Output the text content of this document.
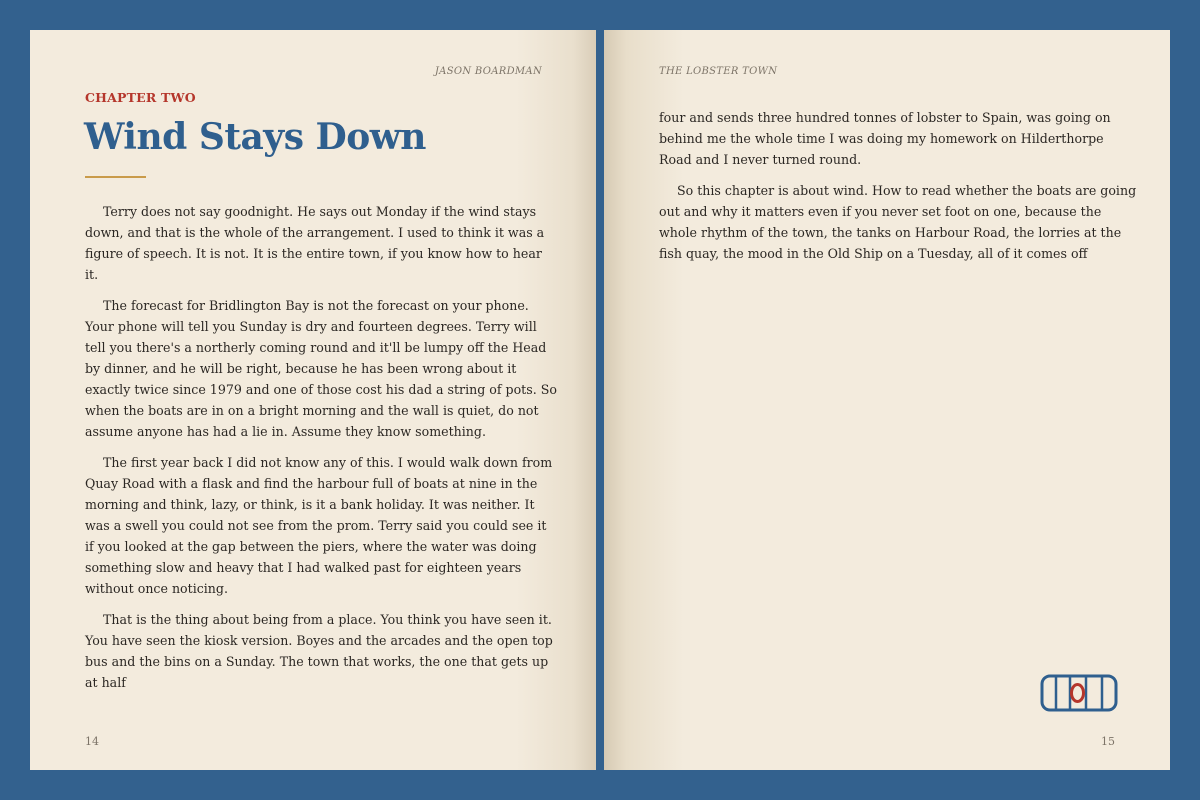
JASON BOARDMAN
CHAPTER TWO
Wind Stays Down

Terry does not say goodnight. He says out Monday if the wind stays down, and that is the whole of the arrangement. I used to think it was a figure of speech. It is not. It is the entire town, if you know how to hear it.

The forecast for Bridlington Bay is not the forecast on your phone. Your phone will tell you Sunday is dry and fourteen degrees. Terry will tell you there's a northerly coming round and it'll be lumpy off the Head by dinner, and he will be right, because he has been wrong about it exactly twice since 1979 and one of those cost his dad a string of pots. So when the boats are in on a bright morning and the wall is quiet, do not assume anyone has had a lie in. Assume they know something.

The first year back I did not know any of this. I would walk down from Quay Road with a flask and find the harbour full of boats at nine in the morning and think, lazy, or think, is it a bank holiday. It was neither. It was a swell you could not see from the prom. Terry said you could see it if you looked at the gap between the piers, where the water was doing something slow and heavy that I had walked past for eighteen years without once noticing.

That is the thing about being from a place. You think you have seen it. You have seen the kiosk version. Boyes and the arcades and the open top bus and the bins on a Sunday. The town that works, the one that gets up at half

14
THE LOBSTER TOWN

four and sends three hundred tonnes of lobster to Spain, was going on behind me the whole time I was doing my homework on Hilderthorpe Road and I never turned round.

So this chapter is about wind. How to read whether the boats are going out and why it matters even if you never set foot on one, because the whole rhythm of the town, the tanks on Harbour Road, the lorries at the fish quay, the mood in the Old Ship on a Tuesday, all of it comes off

15
